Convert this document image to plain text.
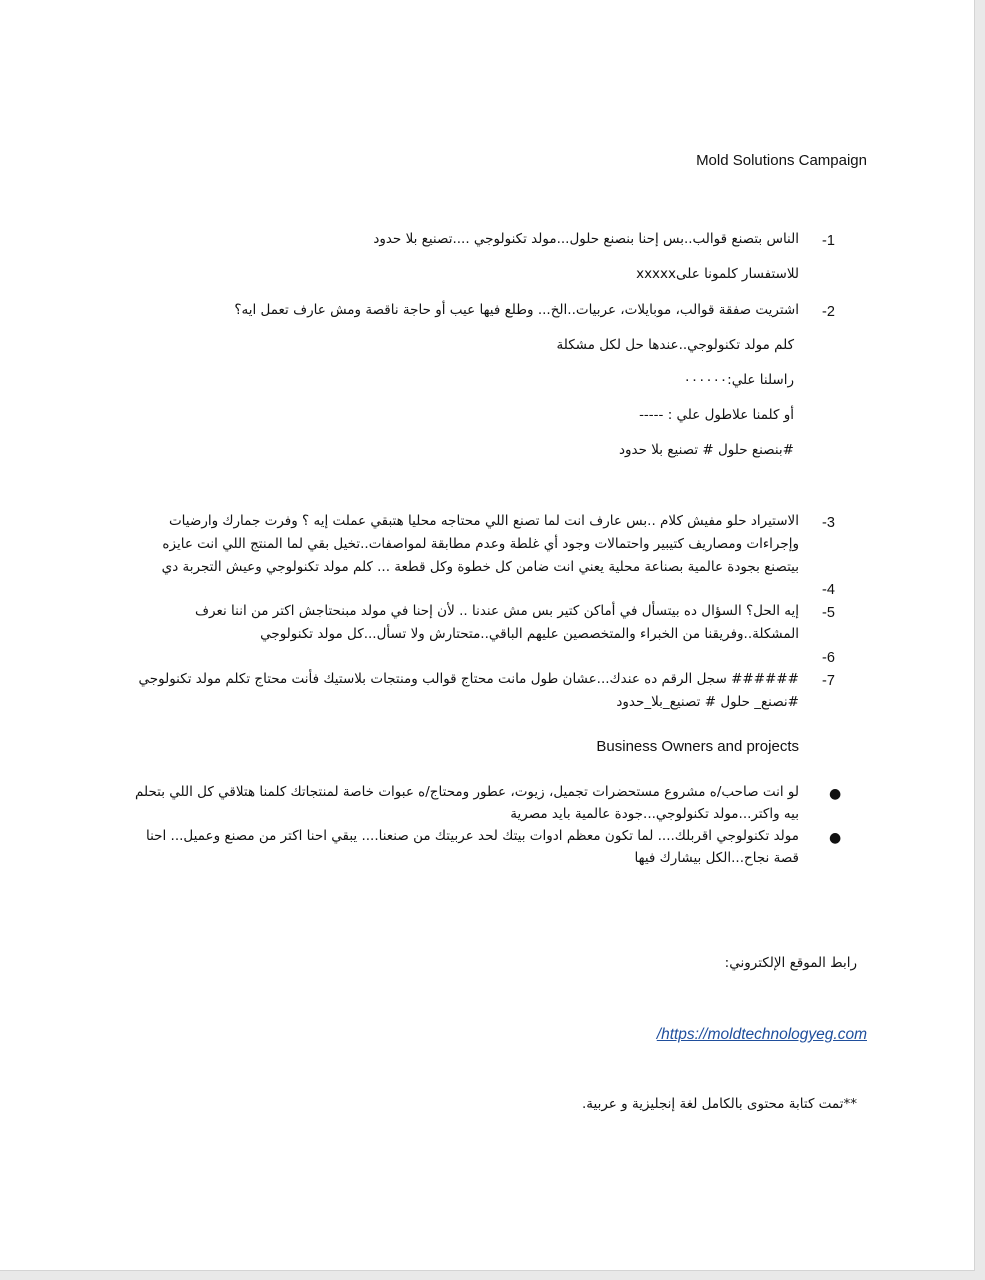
Mold Solutions Campaign
-1
الناس بتصنع قوالب..بس إحنا بنصنع حلول...مولد تكنولوجي ....تصنيع بلا حدود
للاستفسار كلمونا علىxxxxx
-2
اشتريت صفقة قوالب، موبايلات، عربيات..الخ... وطلع فيها عيب أو حاجة ناقصة ومش عارف تعمل ايه؟
كلم مولد تكنولوجي..عندها حل لكل مشكلة
راسلنا علي:٠٠٠٠٠٠
أو كلمنا علاطول علي : -----
#بنصنع حلول # تصنيع بلا حدود
-3
الاستيراد حلو مفيش كلام ..بس عارف انت لما تصنع اللي محتاجه محليا هتبقي عملت إيه ؟ وفرت جمارك وارضيات
وإجراءات ومصاريف كتيبير واحتمالات وجود أي غلطة وعدم مطابقة لمواصفات..تخيل بقي لما المنتج اللي انت عايزه
بيتصنع بجودة عالمية بصناعة محلية يعني انت ضامن كل خطوة وكل قطعة ... كلم مولد تكنولوجي وعيش التجربة دي
-4
-5
إيه الحل؟ السؤال ده بيتسأل في أماكن كتير بس مش عندنا .. لأن إحنا في مولد مبنحتاجش اكتر من اننا نعرف
المشكلة..وفريقنا من الخبراء والمتخصصين عليهم الباقي..متحتارش ولا تسأل...كل مولد تكنولوجي
-6
-7
###### سجل الرقم ده عندك...عشان طول مانت محتاج قوالب ومنتجات بلاستيك فأنت محتاج تكلم مولد تكنولوجي
#نصنع_ حلول # تصنيع_بلا_حدود
Business Owners and projects
●
لو انت صاحب/ه مشروع مستحضرات تجميل، زيوت، عطور ومحتاج/ه عبوات خاصة لمنتجاتك كلمنا هتلاقي كل اللي بتحلم
بيه واكتر...مولد تكنولوجي...جودة عالمية بايد مصرية
●
مولد تكنولوجي اقربلك.... لما تكون معظم ادوات بيتك لحد عربيتك من صنعنا.... يبقي احنا اكتر من مصنع وعميل... احنا
قصة نجاح...الكل بيشارك فيها
رابط الموقع الإلكتروني:
/https://moldtechnologyeg.com
**تمت كتابة محتوى بالكامل لغة إنجليزية و عربية.
